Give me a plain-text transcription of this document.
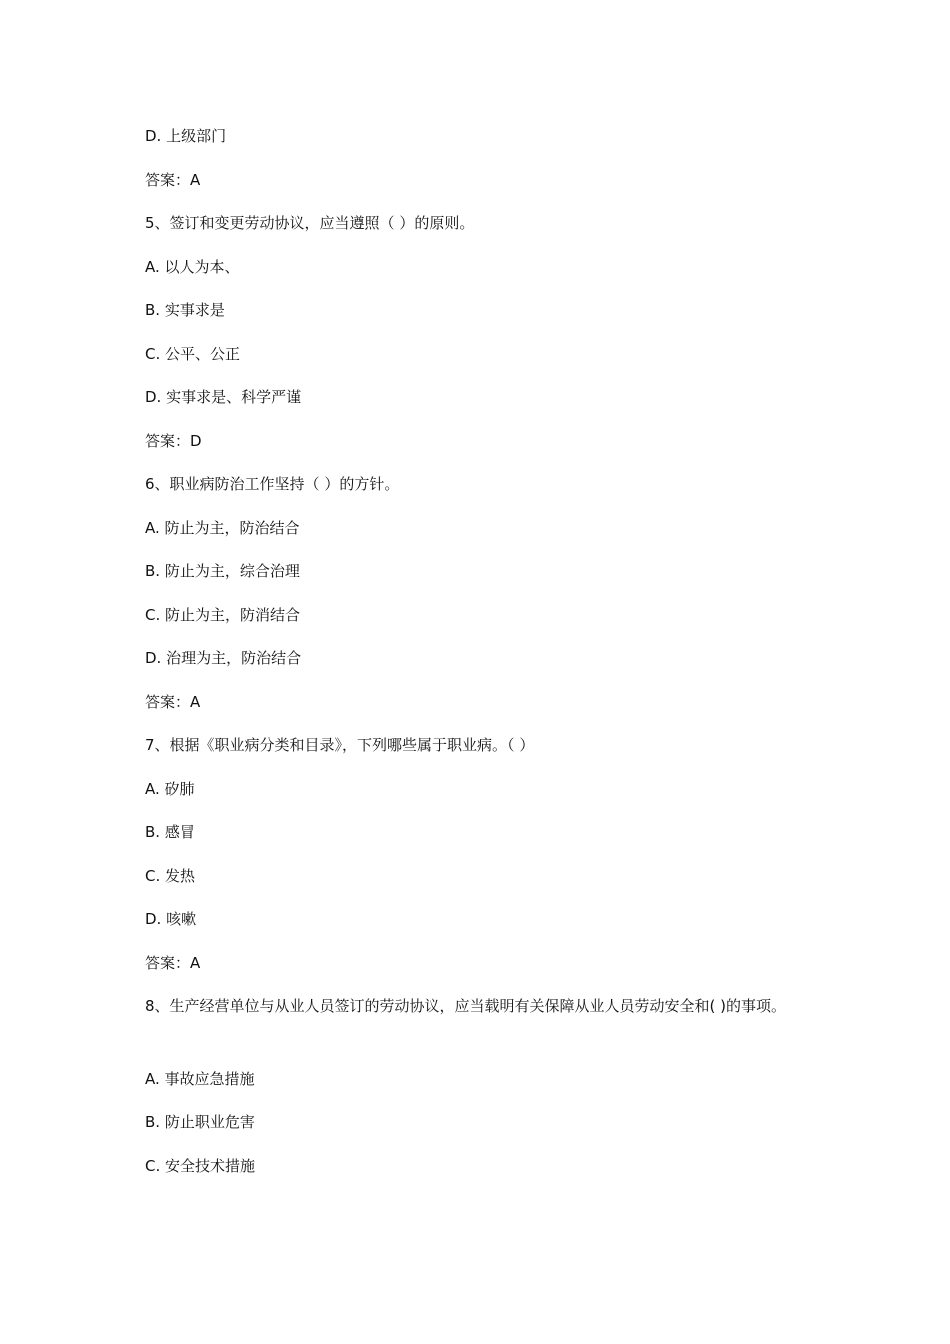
D. 上级部门
答案：A
5、签订和变更劳动协议，应当遵照（ ）的原则。
A. 以人为本、
B. 实事求是
C. 公平、公正
D. 实事求是、科学严谨
答案：D
6、职业病防治工作坚持（ ）的方针。
A. 防止为主，防治结合
B. 防止为主，综合治理
C. 防止为主，防消结合
D. 治理为主，防治结合
答案：A
7、根据《职业病分类和目录》，下列哪些属于职业病。（ ）
A. 矽肺
B. 感冒
C. 发热
D. 咳嗽
答案：A
8、生产经营单位与从业人员签订的劳动协议，应当载明有关保障从业人员劳动安全和( )的事项。
A. 事故应急措施
B. 防止职业危害
C. 安全技术措施
